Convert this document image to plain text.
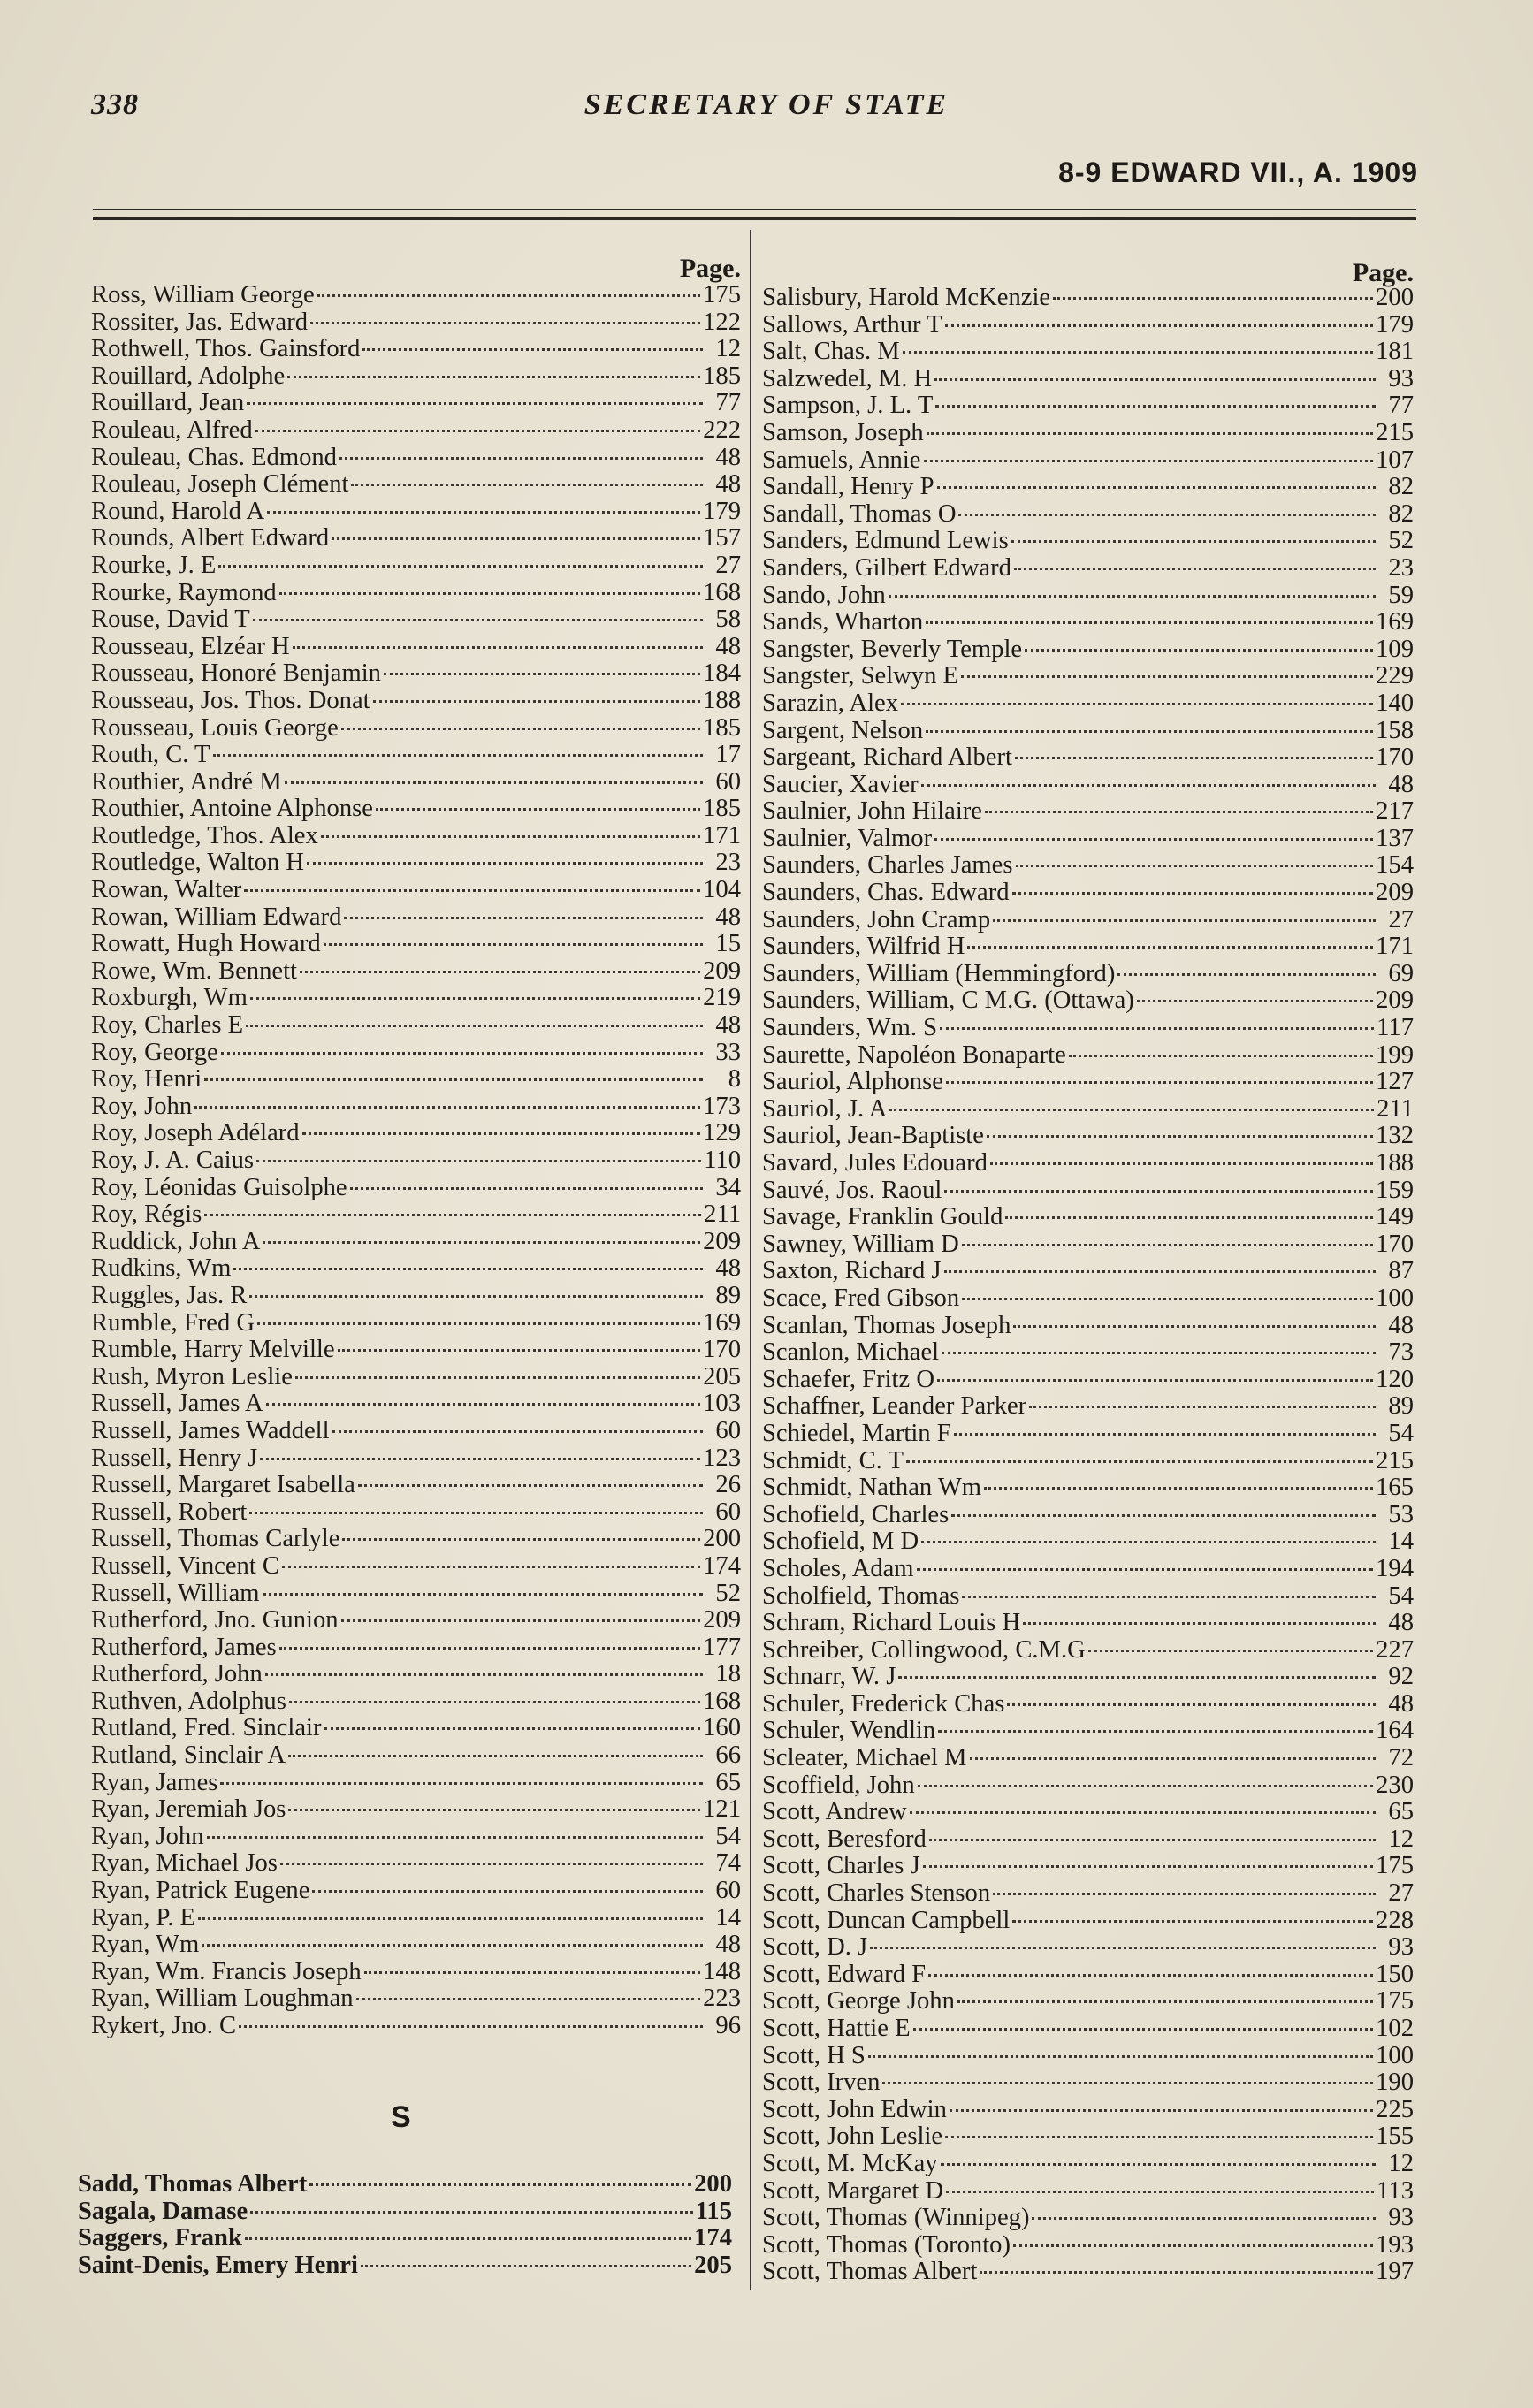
338	SECRETARY OF STATE
8-9 EDWARD VII., A. 1909
Page.
Ross, William George	175
Rossiter, Jas. Edward	122
Rothwell, Thos. Gainsford	12
Rouillard, Adolphe	185
Rouillard, Jean	77
Rouleau, Alfred	222
Rouleau, Chas. Edmond	48
Rouleau, Joseph Clément	48
Round, Harold A	179
Rounds, Albert Edward	157
Rourke, J. E	27
Rourke, Raymond	168
Rouse, David T	58
Rousseau, Elzéar H	48
Rousseau, Honoré Benjamin	184
Rousseau, Jos. Thos. Donat	188
Rousseau, Louis George	185
Routh, C. T	17
Routhier, André M	60
Routhier, Antoine Alphonse	185
Routledge, Thos. Alex	171
Routledge, Walton H	23
Rowan, Walter	104
Rowan, William Edward	48
Rowatt, Hugh Howard	15
Rowe, Wm. Bennett	209
Roxburgh, Wm	219
Roy, Charles E	48
Roy, George	33
Roy, Henri	8
Roy, John	173
Roy, Joseph Adélard	129
Roy, J. A. Caius	110
Roy, Léonidas Guisolphe	34
Roy, Régis	211
Ruddick, John A	209
Rudkins, Wm	48
Ruggles, Jas. R	89
Rumble, Fred G	169
Rumble, Harry Melville	170
Rush, Myron Leslie	205
Russell, James A	103
Russell, James Waddell	60
Russell, Henry J	123
Russell, Margaret Isabella	26
Russell, Robert	60
Russell, Thomas Carlyle	200
Russell, Vincent C	174
Russell, William	52
Rutherford, Jno. Gunion	209
Rutherford, James	177
Rutherford, John	18
Ruthven, Adolphus	168
Rutland, Fred. Sinclair	160
Rutland, Sinclair A	66
Ryan, James	65
Ryan, Jeremiah Jos	121
Ryan, John	54
Ryan, Michael Jos	74
Ryan, Patrick Eugene	60
Ryan, P. E	14
Ryan, Wm	48
Ryan, Wm. Francis Joseph	148
Ryan, William Loughman	223
Rykert, Jno. C	96
S
Sadd, Thomas Albert	200
Sagala, Damase	115
Saggers, Frank	174
Saint-Denis, Emery Henri	205
Page.
Salisbury, Harold McKenzie	200
Sallows, Arthur T	179
Salt, Chas. M	181
Salzwedel, M. H	93
Sampson, J. L. T	77
Samson, Joseph	215
Samuels, Annie	107
Sandall, Henry P	82
Sandall, Thomas O	82
Sanders, Edmund Lewis	52
Sanders, Gilbert Edward	23
Sando, John	59
Sands, Wharton	169
Sangster, Beverly Temple	109
Sangster, Selwyn E	229
Sarazin, Alex	140
Sargent, Nelson	158
Sargeant, Richard Albert	170
Saucier, Xavier	48
Saulnier, John Hilaire	217
Saulnier, Valmor	137
Saunders, Charles James	154
Saunders, Chas. Edward	209
Saunders, John Cramp	27
Saunders, Wilfrid H	171
Saunders, William (Hemmingford)	69
Saunders, William, C M.G. (Ottawa)	209
Saunders, Wm. S	117
Saurette, Napoléon Bonaparte	199
Sauriol, Alphonse	127
Sauriol, J. A	211
Sauriol, Jean-Baptiste	132
Savard, Jules Edouard	188
Sauvé, Jos. Raoul	159
Savage, Franklin Gould	149
Sawney, William D	170
Saxton, Richard J	87
Scace, Fred Gibson	100
Scanlan, Thomas Joseph	48
Scanlon, Michael	73
Schaefer, Fritz O	120
Schaffner, Leander Parker	89
Schiedel, Martin F	54
Schmidt, C. T	215
Schmidt, Nathan Wm	165
Schofield, Charles	53
Schofield, M D	14
Scholes, Adam	194
Scholfield, Thomas	54
Schram, Richard Louis H	48
Schreiber, Collingwood, C.M.G	227
Schnarr, W. J	92
Schuler, Frederick Chas	48
Schuler, Wendlin	164
Scleater, Michael M	72
Scoffield, John	230
Scott, Andrew	65
Scott, Beresford	12
Scott, Charles J	175
Scott, Charles Stenson	27
Scott, Duncan Campbell	228
Scott, D. J	93
Scott, Edward F	150
Scott, George John	175
Scott, Hattie E	102
Scott, H S	100
Scott, Irven	190
Scott, John Edwin	225
Scott, John Leslie	155
Scott, M. McKay	12
Scott, Margaret D	113
Scott, Thomas (Winnipeg)	93
Scott, Thomas (Toronto)	193
Scott, Thomas Albert	197
